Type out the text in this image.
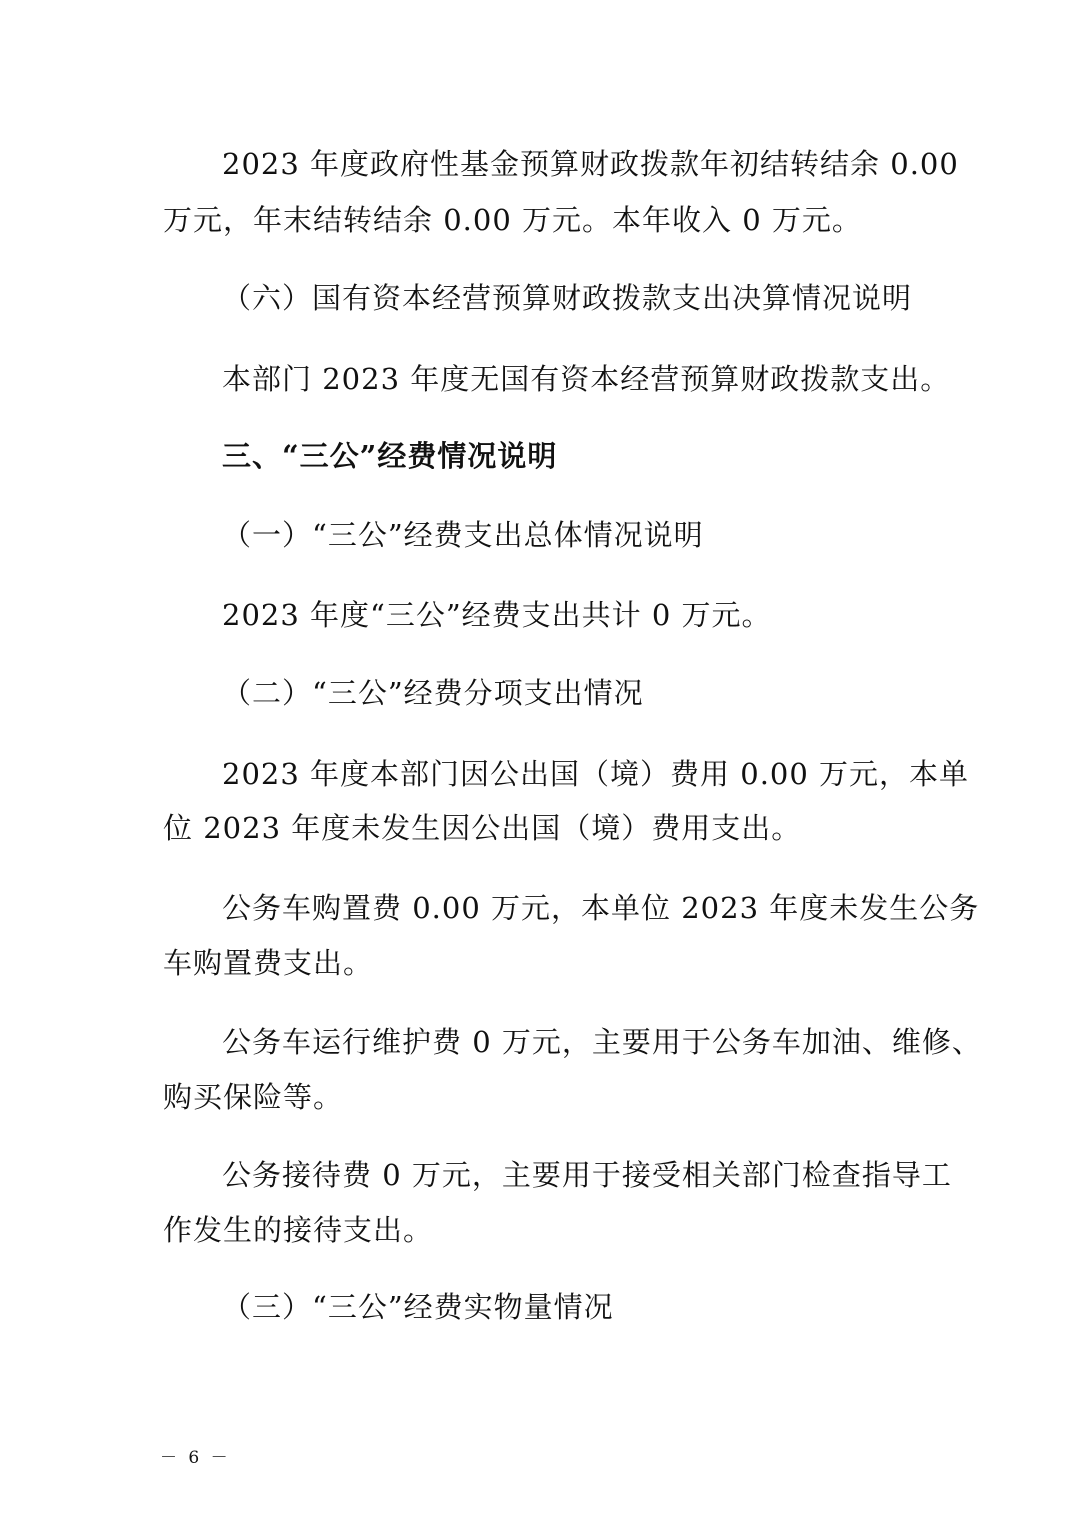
2023 年度政府性基金预算财政拨款年初结转结余 0.00
万元，年末结转结余 0.00 万元。本年收入 0 万元。
（六）国有资本经营预算财政拨款支出决算情况说明
本部门 2023 年度无国有资本经营预算财政拨款支出。
三、“三公”经费情况说明
（一）“三公”经费支出总体情况说明
2023 年度“三公”经费支出共计 0 万元。
（二）“三公”经费分项支出情况
2023 年度本部门因公出国（境）费用 0.00 万元，本单
位 2023 年度未发生因公出国（境）费用支出。
公务车购置费 0.00 万元，本单位 2023 年度未发生公务
车购置费支出。
公务车运行维护费 0 万元，主要用于公务车加油、维修、
购买保险等。
公务接待费 0 万元，主要用于接受相关部门检查指导工
作发生的接待支出。
（三）“三公”经费实物量情况
－ 6 －
